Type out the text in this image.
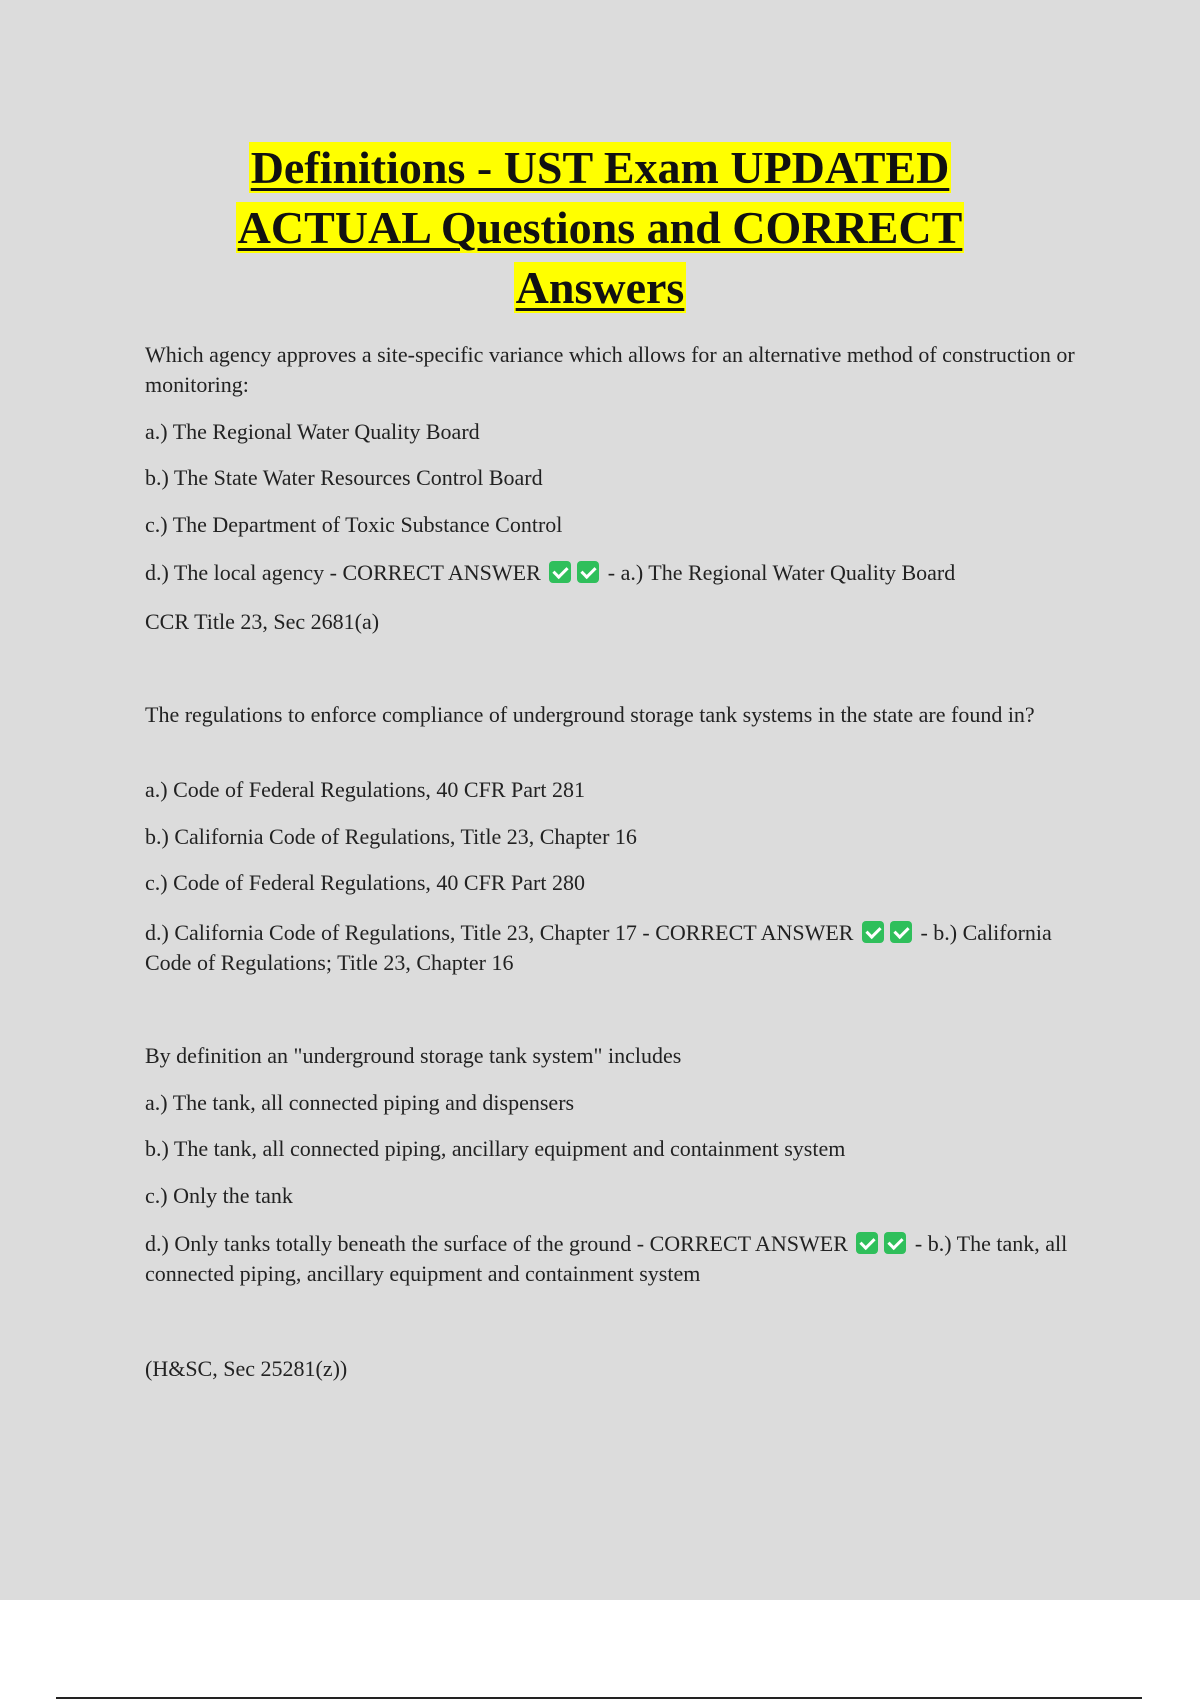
Definitions - UST Exam UPDATED
ACTUAL Questions and CORRECT
Answers
Which agency approves a site-specific variance which allows for an alternative method of construction or monitoring:
a.) The Regional Water Quality Board
b.) The State Water Resources Control Board
c.) The Department of Toxic Substance Control
d.) The local agency - CORRECT ANSWER	- a.) The Regional Water Quality Board
CCR Title 23, Sec 2681(a)
The regulations to enforce compliance of underground storage tank systems in the state are found in?
a.) Code of Federal Regulations, 40 CFR Part 281
b.) California Code of Regulations, Title 23, Chapter 16
c.) Code of Federal Regulations, 40 CFR Part 280
d.) California Code of Regulations, Title 23, Chapter 17 - CORRECT ANSWER	- b.) California Code of Regulations; Title 23, Chapter 16
By definition an "underground storage tank system" includes
a.) The tank, all connected piping and dispensers
b.) The tank, all connected piping, ancillary equipment and containment system
c.) Only the tank
d.) Only tanks totally beneath the surface of the ground - CORRECT ANSWER	- b.) The tank, all connected piping, ancillary equipment and containment system
(H&SC, Sec 25281(z))
